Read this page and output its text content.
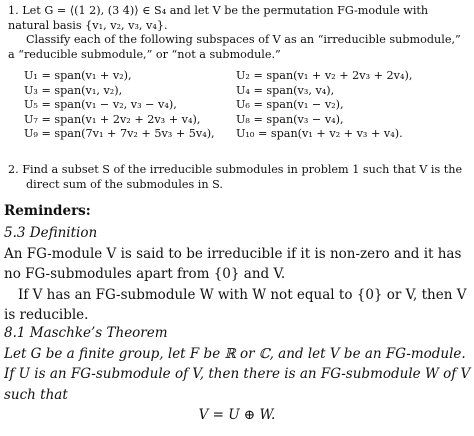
1. Let G = ⟨(1 2), (3 4)⟩ ∈ S₄ and let V be the permutation FG-module with
natural basis {v₁, v₂, v₃, v₄}.
Classify each of the following subspaces of V as an “irreducible submodule,”
a “reducible submodule,” or “not a submodule.”
U₁ = span(v₁ + v₂),	U₂ = span(v₁ + v₂ + 2v₃ + 2v₄),
U₃ = span(v₁, v₂),	U₄ = span(v₃, v₄),
U₅ = span(v₁ − v₂, v₃ − v₄),	U₆ = span(v₁ − v₂),
U₇ = span(v₁ + 2v₂ + 2v₃ + v₄),	U₈ = span(v₃ − v₄),
U₉ = span(7v₁ + 7v₂ + 5v₃ + 5v₄),	U₁₀ = span(v₁ + v₂ + v₃ + v₄).
2. Find a subset S of the irreducible submodules in problem 1 such that V is the
direct sum of the submodules in S.
Reminders:
5.3 Definition
An FG-module V is said to be irreducible if it is non-zero and it has
no FG-submodules apart from {0} and V.
If V has an FG-submodule W with W not equal to {0} or V, then V
is reducible.
8.1 Maschke’s Theorem
Let G be a finite group, let F be ℝ or ℂ, and let V be an FG-module.
If U is an FG-submodule of V, then there is an FG-submodule W of V
such that
V = U ⊕ W.
